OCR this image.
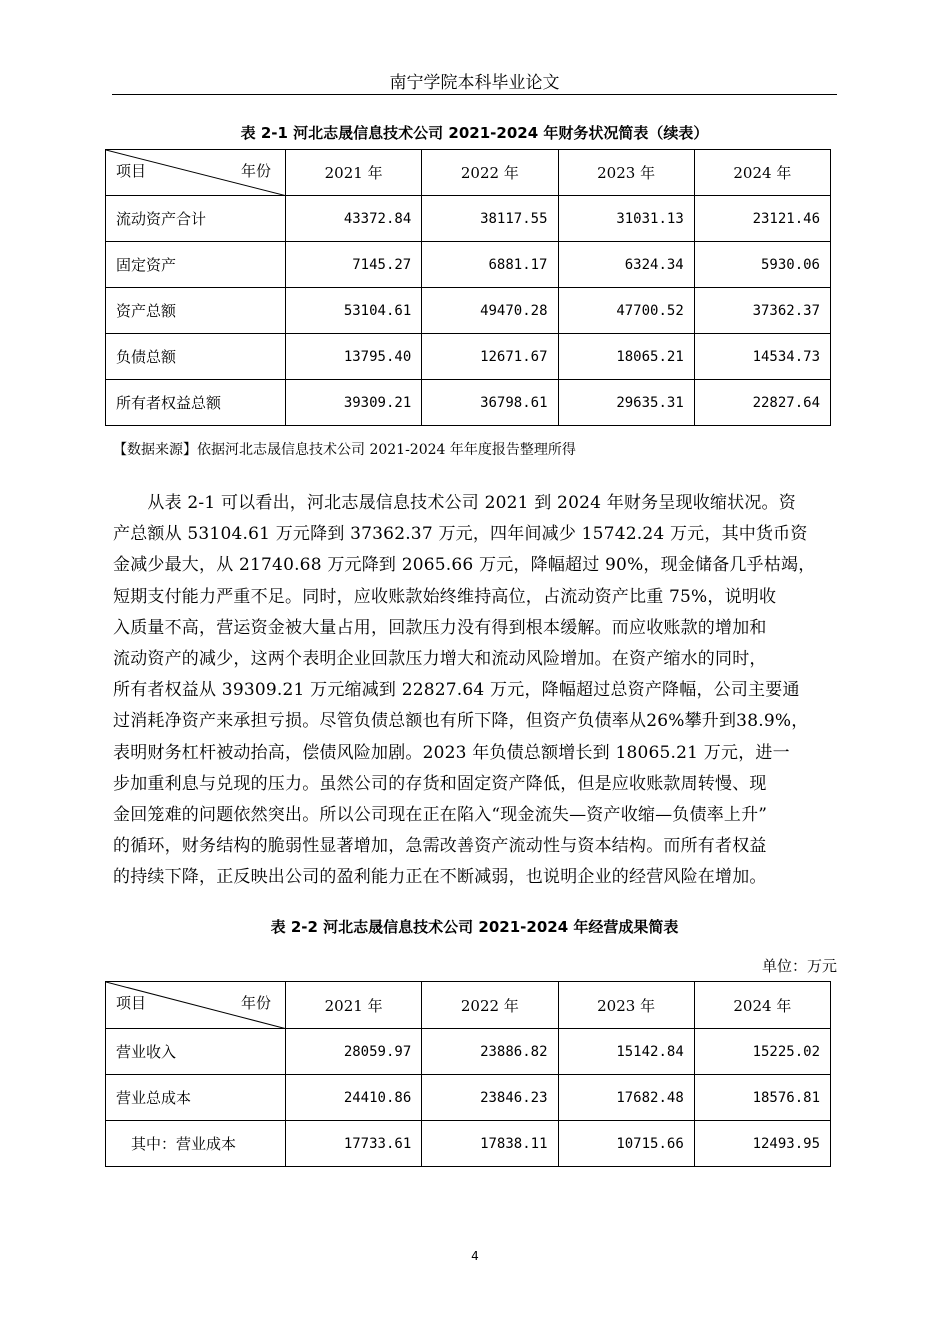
南宁学院本科毕业论文
表 2-1 河北志晟信息技术公司 2021-2024 年财务状况简表（续表）
项目 年份	2021 年	2022 年	2023 年	2024 年
流动资产合计	43372.84	38117.55	31031.13	23121.46
固定资产	7145.27	6881.17	6324.34	5930.06
资产总额	53104.61	49470.28	47700.52	37362.37
负债总额	13795.40	12671.67	18065.21	14534.73
所有者权益总额	39309.21	36798.61	29635.31	22827.64
【数据来源】依据河北志晟信息技术公司 2021-2024 年年度报告整理所得
　　从表 2-1 可以看出，河北志晟信息技术公司 2021 到 2024 年财务呈现收缩状况。资
产总额从 53104.61 万元降到 37362.37 万元，四年间减少 15742.24 万元，其中货币资
金减少最大，从 21740.68 万元降到 2065.66 万元，降幅超过 90%，现金储备几乎枯竭，
短期支付能力严重不足。同时，应收账款始终维持高位，占流动资产比重 75%，说明收
入质量不高，营运资金被大量占用，回款压力没有得到根本缓解。而应收账款的增加和
流动资产的减少，这两个表明企业回款压力增大和流动风险增加。在资产缩水的同时，
所有者权益从 39309.21 万元缩减到 22827.64 万元，降幅超过总资产降幅，公司主要通
过消耗净资产来承担亏损。尽管负债总额也有所下降，但资产负债率从26%攀升到38.9%，
表明财务杠杆被动抬高，偿债风险加剧。2023 年负债总额增长到 18065.21 万元，进一
步加重利息与兑现的压力。虽然公司的存货和固定资产降低，但是应收账款周转慢、现
金回笼难的问题依然突出。所以公司现在正在陷入“现金流失—资产收缩—负债率上升”
的循环，财务结构的脆弱性显著增加，急需改善资产流动性与资本结构。而所有者权益
的持续下降，正反映出公司的盈利能力正在不断减弱，也说明企业的经营风险在增加。
表 2-2 河北志晟信息技术公司 2021-2024 年经营成果简表
单位：万元
项目 年份	2021 年	2022 年	2023 年	2024 年
营业收入	28059.97	23886.82	15142.84	15225.02
营业总成本	24410.86	23846.23	17682.48	18576.81
　其中：营业成本	17733.61	17838.11	10715.66	12493.95
4
